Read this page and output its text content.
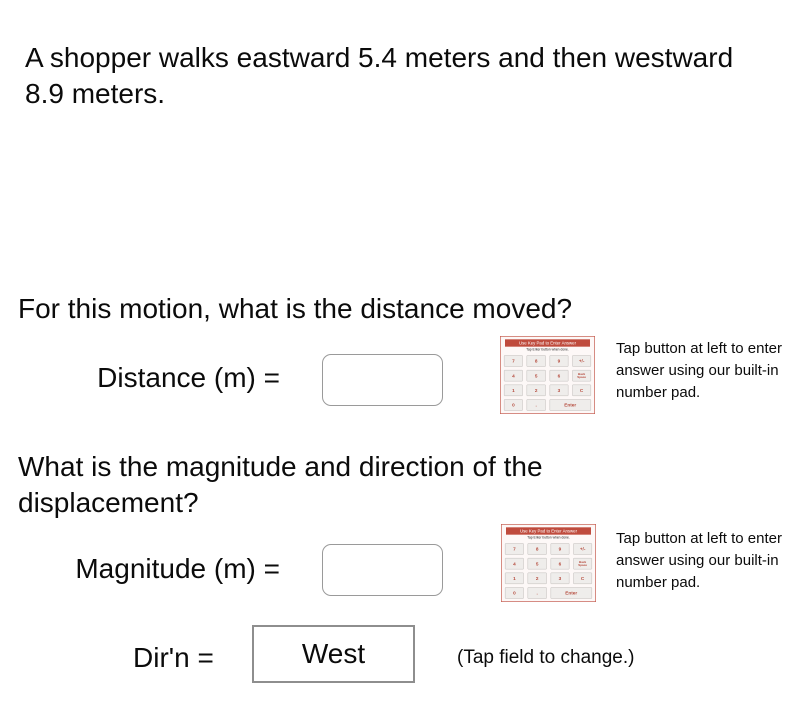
A shopper walks eastward 5.4 meters and then westward 8.9 meters.
For this motion, what is the distance moved?
Distance (m) =
Use Key Pad to Enter Answer
Tap Enter button when done.
7	8	9	+/-
4	5	6	Back Space
1	2	3	C
0	.	Enter
Tap button at left to enter answer using our built-in number pad.
What is the magnitude and direction of the displacement?
Magnitude (m) =
Use Key Pad to Enter Answer
Tap Enter button when done.
7	8	9	+/-
4	5	6	Back Space
1	2	3	C
0	.	Enter
Tap button at left to enter answer using our built-in number pad.
Dir'n =	West	(Tap field to change.)
